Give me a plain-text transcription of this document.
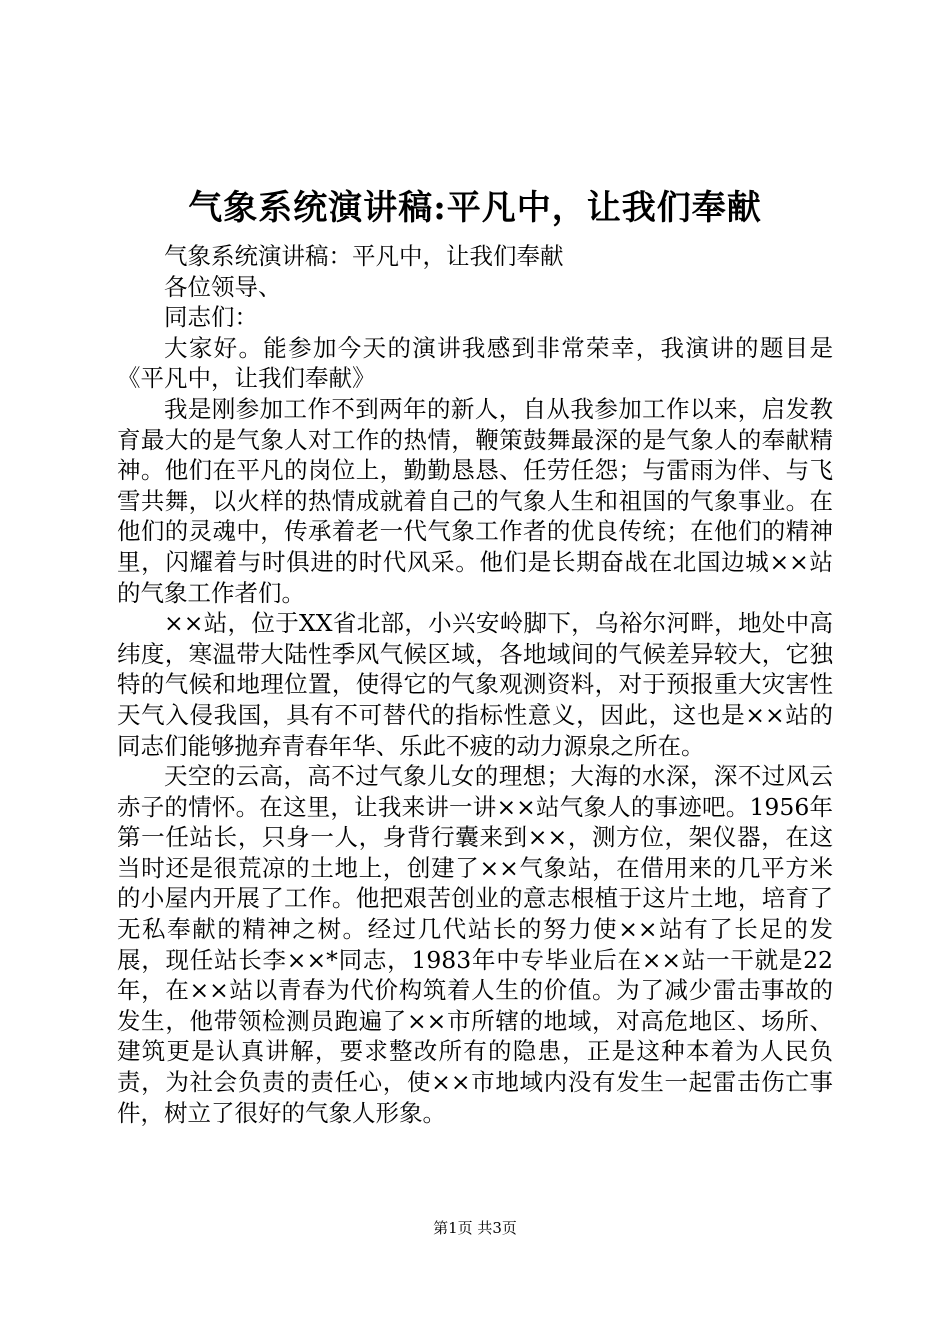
气象系统演讲稿:平凡中，让我们奉献

气象系统演讲稿：平凡中，让我们奉献

各位领导、

同志们：

大家好。能参加今天的演讲我感到非常荣幸，我演讲的题目是《平凡中，让我们奉献》

我是刚参加工作不到两年的新人，自从我参加工作以来，启发教育最大的是气象人对工作的热情，鞭策鼓舞最深的是气象人的奉献精神。他们在平凡的岗位上，勤勤恳恳、任劳任怨；与雷雨为伴、与飞雪共舞，以火样的热情成就着自己的气象人生和祖国的气象事业。在他们的灵魂中，传承着老一代气象工作者的优良传统；在他们的精神里，闪耀着与时俱进的时代风采。他们是长期奋战在北国边城××站的气象工作者们。

××站，位于XX省北部，小兴安岭脚下，乌裕尔河畔，地处中高纬度，寒温带大陆性季风气候区域，各地域间的气候差异较大，它独特的气候和地理位置，使得它的气象观测资料，对于预报重大灾害性天气入侵我国，具有不可替代的指标性意义，因此，这也是××站的同志们能够抛弃青春年华、乐此不疲的动力源泉之所在。

天空的云高，高不过气象儿女的理想；大海的水深，深不过风云赤子的情怀。在这里，让我来讲一讲××站气象人的事迹吧。1956年第一任站长，只身一人，身背行囊来到××，测方位，架仪器，在这当时还是很荒凉的土地上，创建了××气象站，在借用来的几平方米的小屋内开展了工作。他把艰苦创业的意志根植于这片土地，培育了无私奉献的精神之树。经过几代站长的努力使××站有了长足的发展，现任站长李××*同志，1983年中专毕业后在××站一干就是22年，在××站以青春为代价构筑着人生的价值。为了减少雷击事故的发生，他带领检测员跑遍了××市所辖的地域，对高危地区、场所、建筑更是认真讲解，要求整改所有的隐患，正是这种本着为人民负责，为社会负责的责任心，使××市地域内没有发生一起雷击伤亡事件，树立了很好的气象人形象。

第1页 共3页
